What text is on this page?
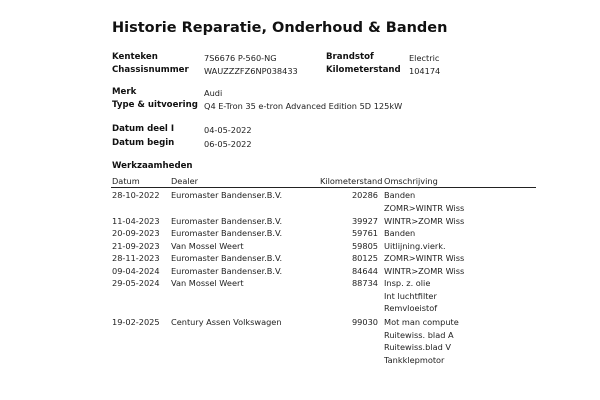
Historie Reparatie, Onderhoud & Banden
Kenteken	7S6676 P-560-NG	Brandstof	Electric
Chassisnummer WAUZZZFZ6NP038433	Kilometerstand 104174
Merk	Audi
Type & uitvoering Q4 E-Tron 35 e-tron Advanced Edition 5D 125kW
Datum deel I	04-05-2022
Datum begin	06-05-2022
Werkzaamheden
Datum	Dealer	Kilometerstand Omschrijving
28-10-2022 Euromaster Bandenser.B.V.	20286 Banden
ZOMR>WINTR Wiss
11-04-2023 Euromaster Bandenser.B.V.	39927 WINTR>ZOMR Wiss
20-09-2023 Euromaster Bandenser.B.V.	59761 Banden
21-09-2023 Van Mossel Weert	59805 Uitlijning.vierk.
28-11-2023 Euromaster Bandenser.B.V.	80125 ZOMR>WINTR Wiss
09-04-2024 Euromaster Bandenser.B.V.	84644 WINTR>ZOMR Wiss
29-05-2024 Van Mossel Weert	88734 Insp. z. olie
Int luchtfilter
Remvloeistof
19-02-2025 Century Assen Volkswagen	99030 Mot man compute
Ruitewiss. blad A
Ruitewiss.blad V
Tankklepmotor
